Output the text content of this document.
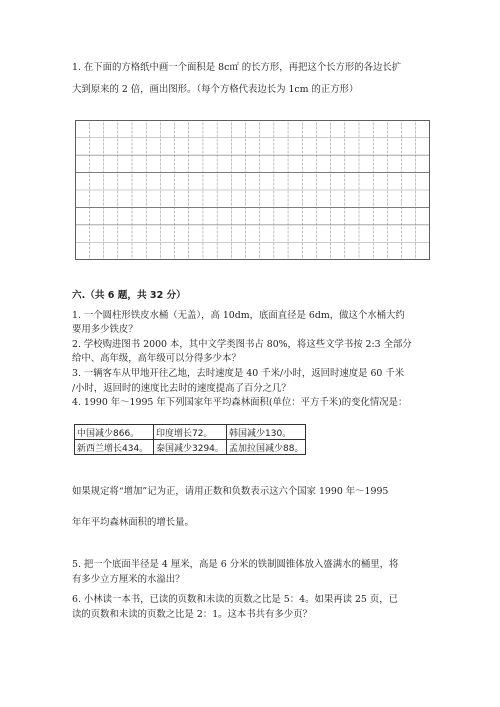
1. 在下面的方格纸中画一个面积是 8c㎡ 的长方形，再把这个长方形的各边长扩

大到原来的 2 倍，画出图形。（每个方格代表边长为 1cm 的正方形）

六.（共 6 题，共 32 分）

1. 一个圆柱形铁皮水桶（无盖），高 10dm，底面直径是 6dm，做这个水桶大约

要用多少铁皮？

2. 学校购进图书 2000 本，其中文学类图书占 80%，将这些文学书按 2:3 全部分

给中、高年级，高年级可以分得多少本？

3. 一辆客车从甲地开往乙地，去时速度是 40 千米/小时，返回时速度是 60 千米

/小时，返回时的速度比去时的速度提高了百分之几？

4. 1990 年～1995 年下列国家年平均森林面积(单位：平方千米)的变化情况是：

中国减少866。	印度增长72。	韩国减少130。
新西兰增长434。	泰国减少3294。	孟加拉国减少88。

如果规定将“增加”记为正，请用正数和负数表示这六个国家 1990 年～1995

年年平均森林面积的增长量。

5. 把一个底面半径是 4 厘米，高是 6 分米的铁制圆锥体放入盛满水的桶里，将

有多少立方厘米的水溢出？

6. 小林读一本书，已读的页数和未读的页数之比是 5：4。如果再读 25 页，已

读的页数和未读的页数之比是 2：1。这本书共有多少页？
